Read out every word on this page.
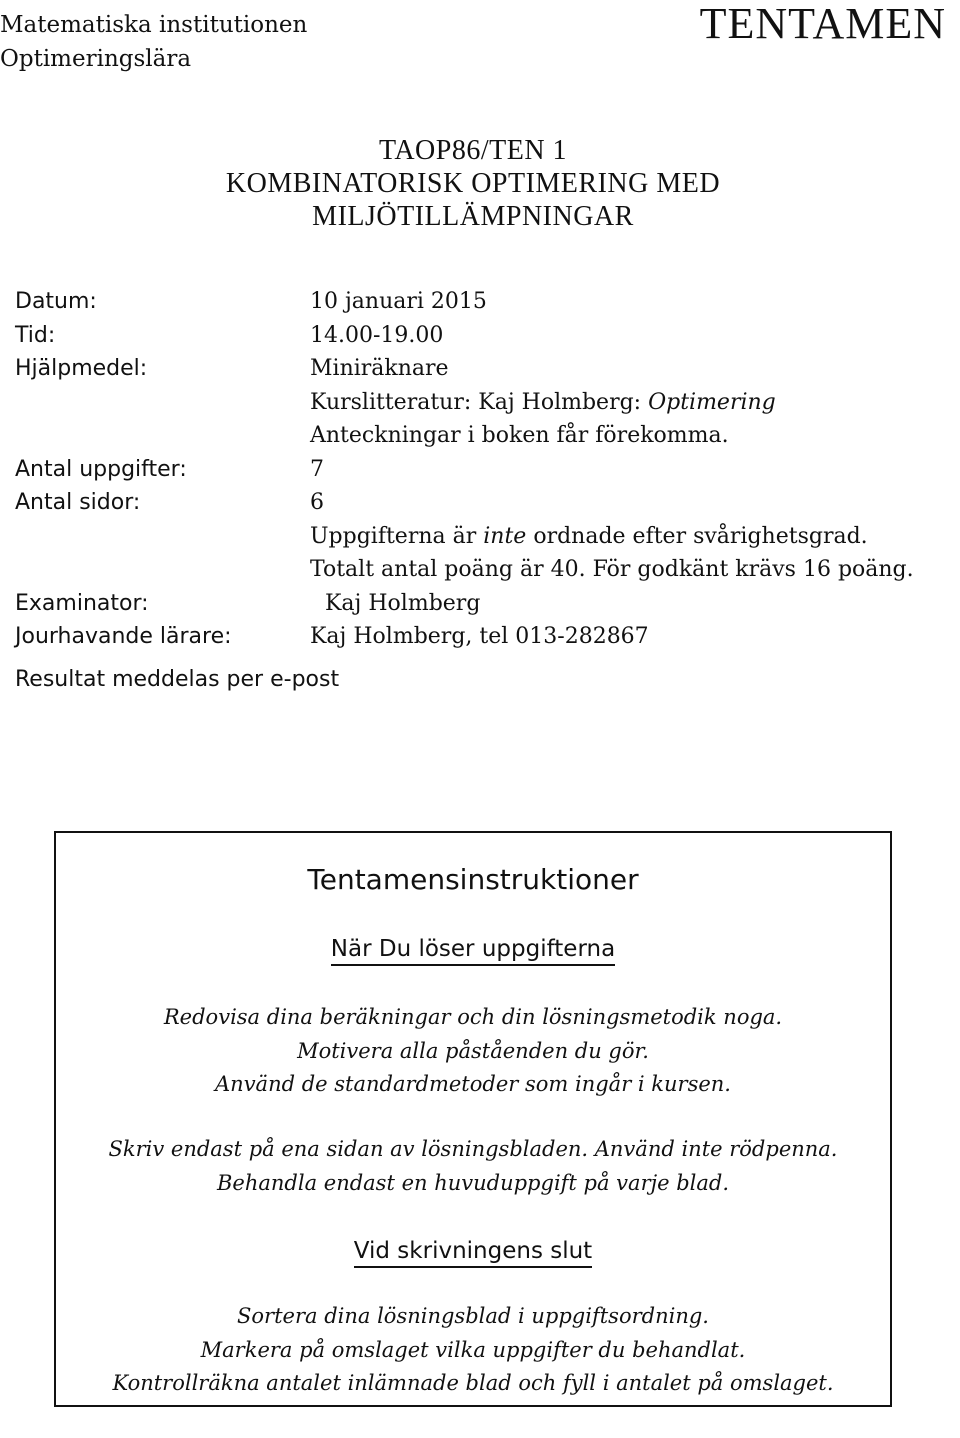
Matematiska institutionen
Optimeringslära
TENTAMEN
TAOP86/TEN 1
KOMBINATORISK OPTIMERING MED
MILJÖTILLÄMPNINGAR
Datum:	10 januari 2015
Tid:	14.00-19.00
Hjälpmedel:	Miniräknare
Kurslitteratur: Kaj Holmberg: Optimering
Anteckningar i boken får förekomma.
Antal uppgifter:	7
Antal sidor:	6
Uppgifterna är inte ordnade efter svårighetsgrad.
Totalt antal poäng är 40. För godkänt krävs 16 poäng.
Examinator:	Kaj Holmberg
Jourhavande lärare:	Kaj Holmberg, tel 013-282867
Resultat meddelas per e-post
Tentamensinstruktioner
När Du löser uppgifterna
Redovisa dina beräkningar och din lösningsmetodik noga.
Motivera alla påståenden du gör.
Använd de standardmetoder som ingår i kursen.
Skriv endast på ena sidan av lösningsbladen. Använd inte rödpenna.
Behandla endast en huvuduppgift på varje blad.
Vid skrivningens slut
Sortera dina lösningsblad i uppgiftsordning.
Markera på omslaget vilka uppgifter du behandlat.
Kontrollräkna antalet inlämnade blad och fyll i antalet på omslaget.
